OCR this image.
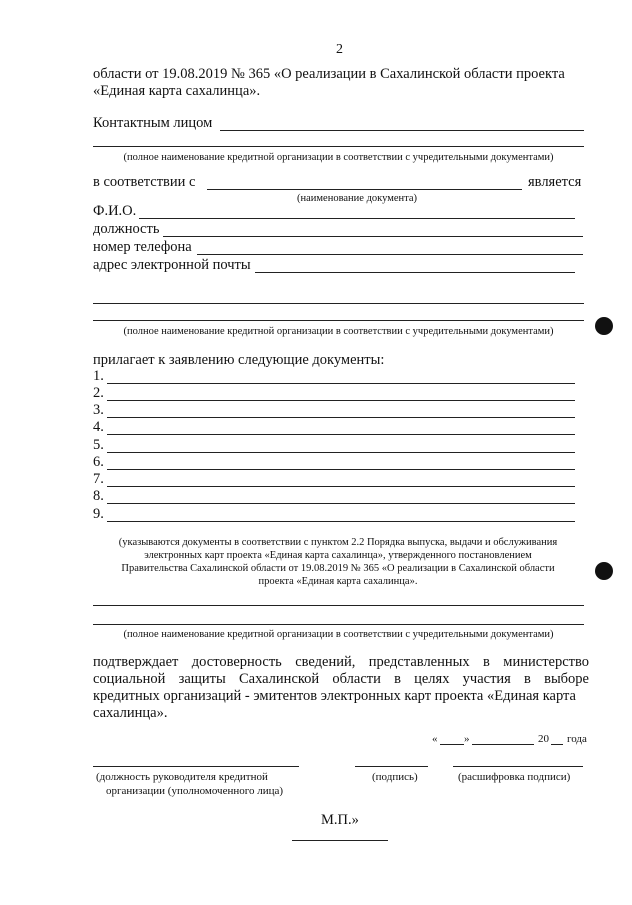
2
области от 19.08.2019 № 365 «О реализации в Сахалинской области проекта
«Единая карта сахалинца».
Контактным лицом
(полное наименование кредитной организации в соответствии с учредительными документами)
в соответствии с	является
(наименование документа)
Ф.И.О.
должность
номер телефона
адрес электронной почты
(полное наименование кредитной организации в соответствии с учредительными документами)
прилагает к заявлению следующие документы:
1.
2.
3.
4.
5.
6.
7.
8.
9.
(указываются документы в соответствии с пунктом 2.2 Порядка выпуска, выдачи и обслуживания
электронных карт проекта «Единая карта сахалинца», утвержденного постановлением
Правительства Сахалинской области от 19.08.2019 № 365 «О реализации в Сахалинской области
проекта «Единая карта сахалинца».
(полное наименование кредитной организации в соответствии с учредительными документами)
подтверждает достоверность сведений, представленных в министерство
социальной защиты Сахалинской области в целях участия в выборе
кредитных организаций - эмитентов электронных карт проекта «Единая карта
сахалинца».
« »	20 года
(должность руководителя кредитной
организации (уполномоченного лица)
(подпись)	(расшифровка подписи)
М.П.»
